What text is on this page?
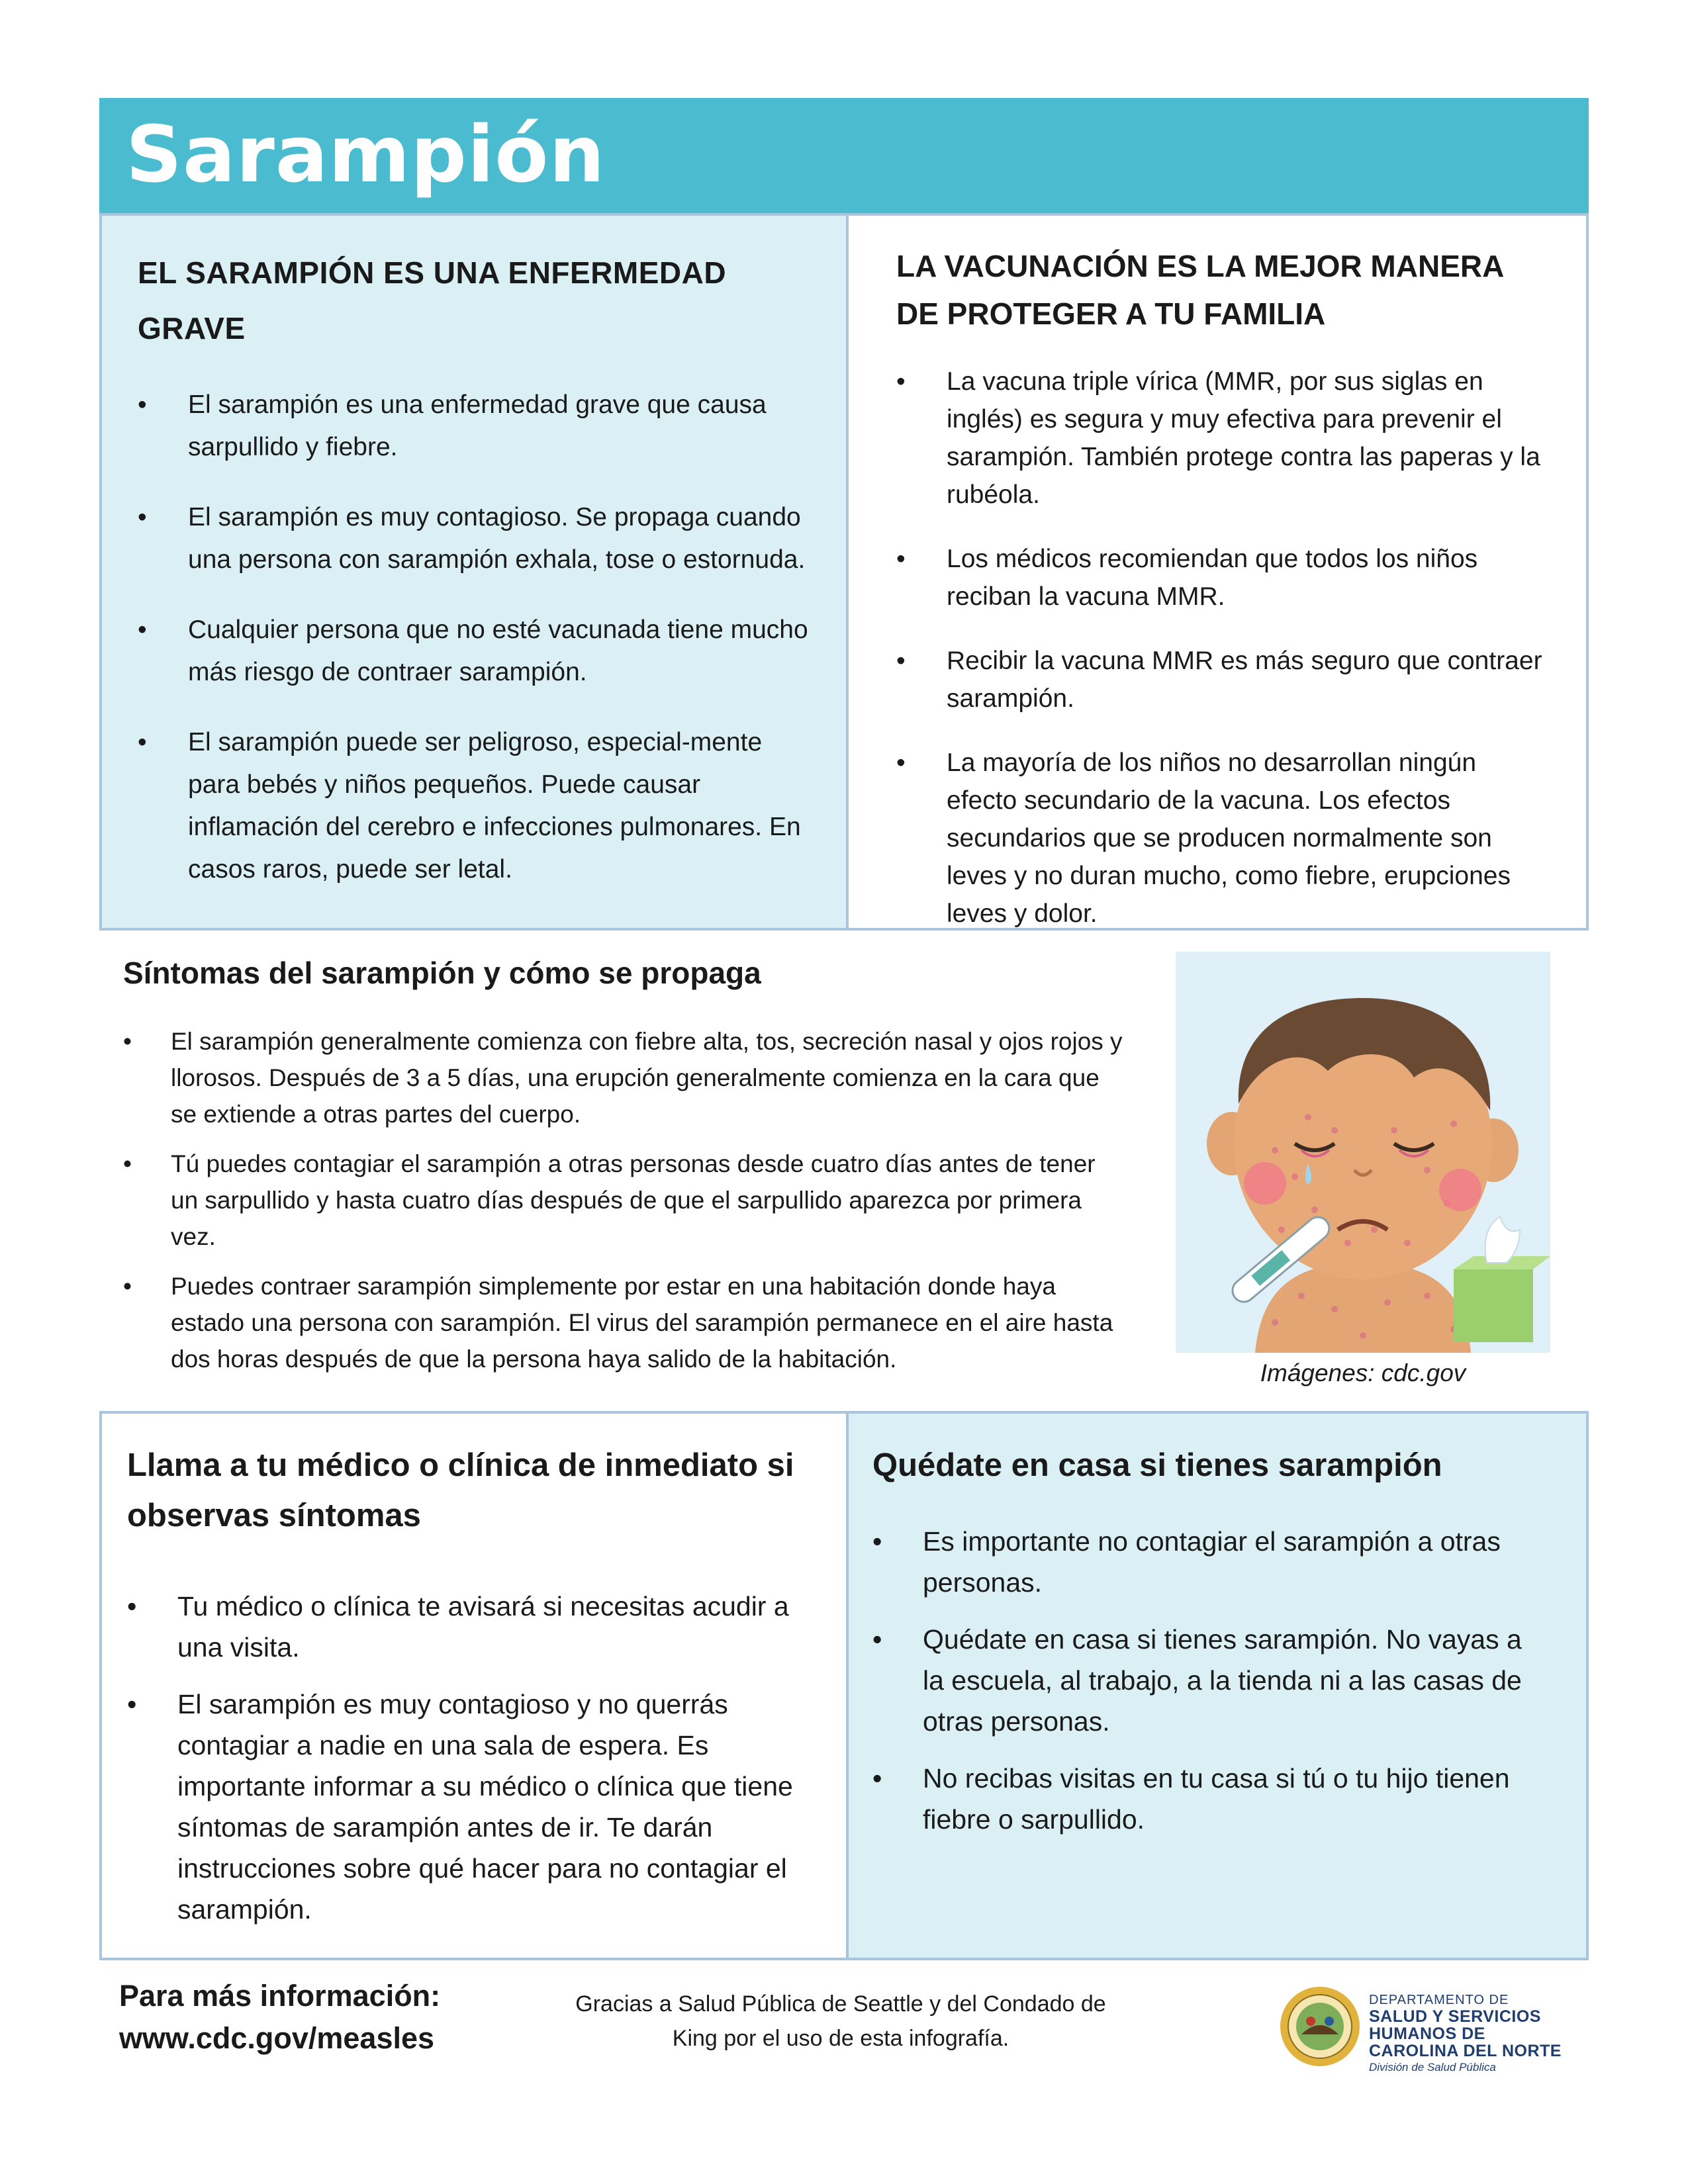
Sarampión
EL SARAMPIÓN ES UNA ENFERMEDAD GRAVE
• El sarampión es una enfermedad grave que causa sarpullido y fiebre.
• El sarampión es muy contagioso. Se propaga cuando una persona con sarampión exhala, tose o estornuda.
• Cualquier persona que no esté vacunada tiene mucho más riesgo de contraer sarampión.
• El sarampión puede ser peligroso, especial-mente para bebés y niños pequeños. Puede causar inflamación del cerebro e infecciones pulmonares. En casos raros, puede ser letal.
LA VACUNACIÓN ES LA MEJOR MANERA DE PROTEGER A TU FAMILIA
• La vacuna triple vírica (MMR, por sus siglas en inglés) es segura y muy efectiva para prevenir el sarampión. También protege contra las paperas y la rubéola.
• Los médicos recomiendan que todos los niños reciban la vacuna MMR.
• Recibir la vacuna MMR es más seguro que contraer sarampión.
• La mayoría de los niños no desarrollan ningún efecto secundario de la vacuna. Los efectos secundarios que se producen normalmente son leves y no duran mucho, como fiebre, erupciones leves y dolor.
Síntomas del sarampión y cómo se propaga
• El sarampión generalmente comienza con fiebre alta, tos, secreción nasal y ojos rojos y llorosos. Después de 3 a 5 días, una erupción generalmente comienza en la cara que se extiende a otras partes del cuerpo.
• Tú puedes contagiar el sarampión a otras personas desde cuatro días antes de tener un sarpullido y hasta cuatro días después de que el sarpullido aparezca por primera vez.
• Puedes contraer sarampión simplemente por estar en una habitación donde haya estado una persona con sarampión. El virus del sarampión permanece en el aire hasta dos horas después de que la persona haya salido de la habitación.
Imágenes: cdc.gov
Llama a tu médico o clínica de inmediato si observas síntomas
• Tu médico o clínica te avisará si necesitas acudir a una visita.
• El sarampión es muy contagioso y no querrás contagiar a nadie en una sala de espera. Es importante informar a su médico o clínica que tiene síntomas de sarampión antes de ir. Te darán instrucciones sobre qué hacer para no contagiar el sarampión.
Quédate en casa si tienes sarampión
• Es importante no contagiar el sarampión a otras personas.
• Quédate en casa si tienes sarampión. No vayas a la escuela, al trabajo, a la tienda ni a las casas de otras personas.
• No recibas visitas en tu casa si tú o tu hijo tienen fiebre o sarpullido.
Para más información:
www.cdc.gov/measles
Gracias a Salud Pública de Seattle y del Condado de
King por el uso de esta infografía.
DEPARTAMENTO DE
SALUD Y SERVICIOS
HUMANOS DE
CAROLINA DEL NORTE
División de Salud Pública
